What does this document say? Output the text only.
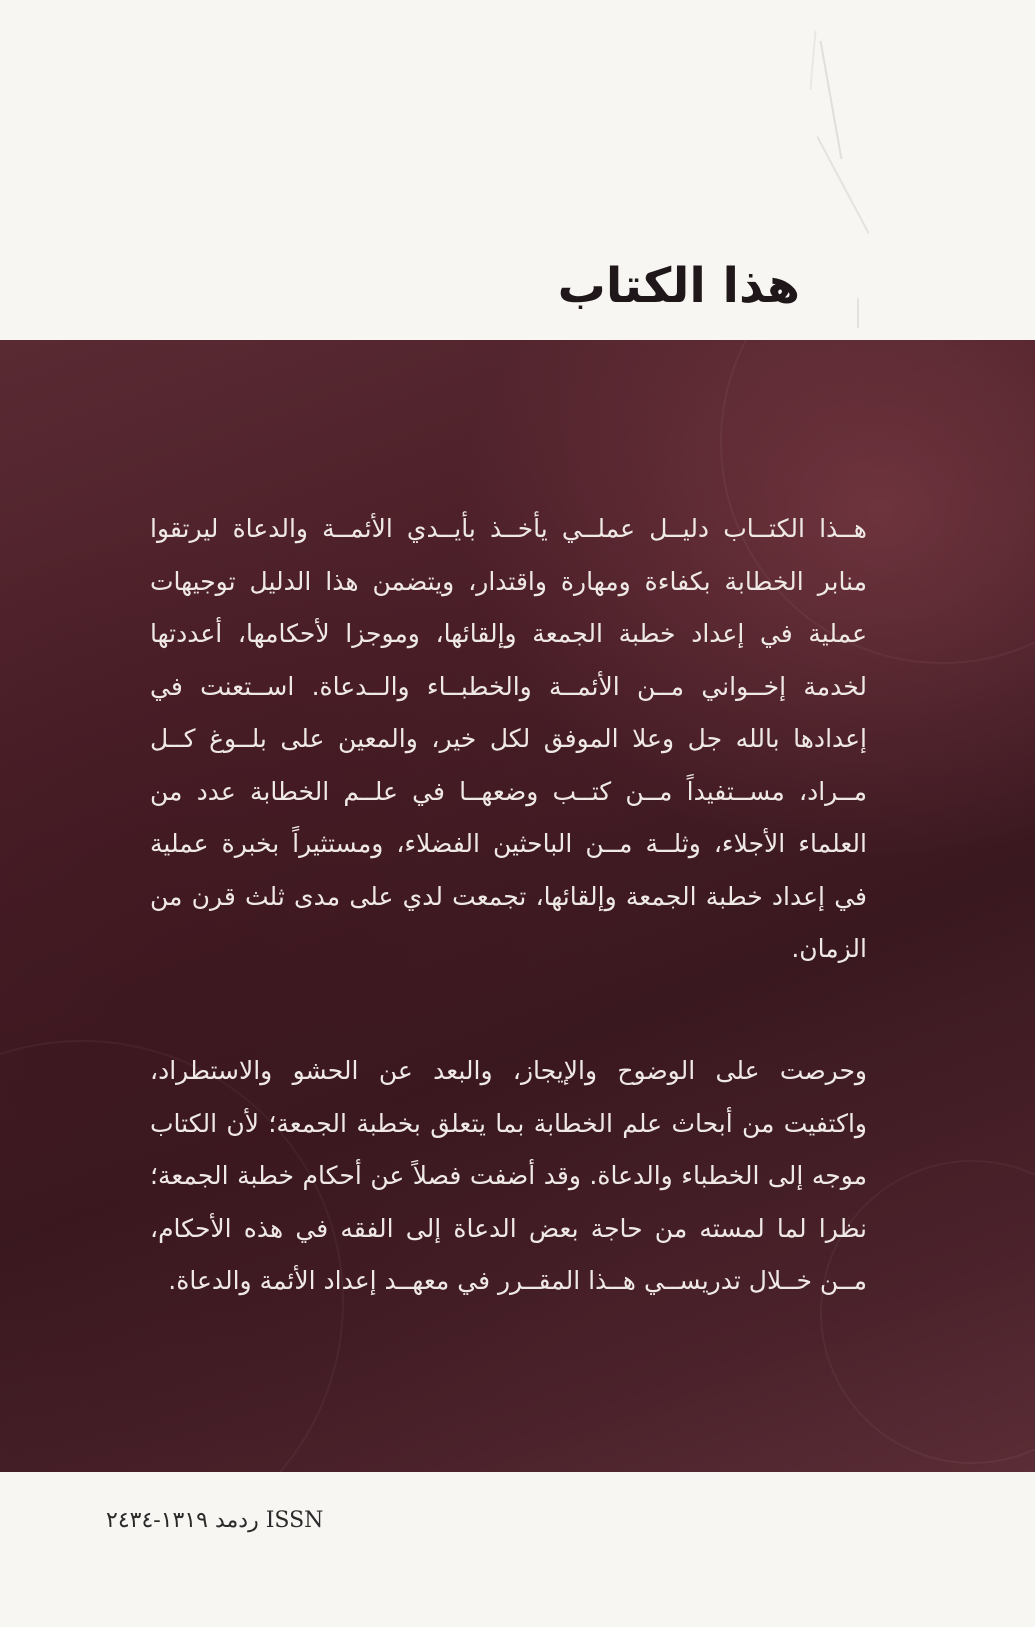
هذا الكتاب

هــذا الكتــاب دليــل عملــي يأخــذ بأيــدي الأئمــة والدعاة ليرتقوا منابر الخطابة بكفاءة ومهارة واقتدار، ويتضمن هذا الدليل توجيهات عملية في إعداد خطبة الجمعة وإلقائها، وموجزا لأحكامها، أعددتها لخدمة إخــواني مــن الأئمــة والخطبــاء والــدعاة. اســتعنت في إعدادها بالله جل وعلا الموفق لكل خير، والمعين على بلــوغ كــل مــراد، مســتفيداً مــن كتــب وضعهــا في علــم الخطابة عدد من العلماء الأجلاء، وثلــة مــن الباحثين الفضلاء، ومستثيراً بخبرة عملية في إعداد خطبة الجمعة وإلقائها، تجمعت لدي على مدى ثلث قرن من الزمان.

وحرصت على الوضوح والإيجاز، والبعد عن الحشو والاستطراد، واكتفيت من أبحاث علم الخطابة بما يتعلق بخطبة الجمعة؛ لأن الكتاب موجه إلى الخطباء والدعاة. وقد أضفت فصلاً عن أحكام خطبة الجمعة؛ نظرا لما لمسته من حاجة بعض الدعاة إلى الفقه في هذه الأحكام، مــن خــلال تدريســي هــذا المقــرر في معهــد إعداد الأئمة والدعاة.

ردمد ١٣١٩-٢٤٣٤ ISSN
